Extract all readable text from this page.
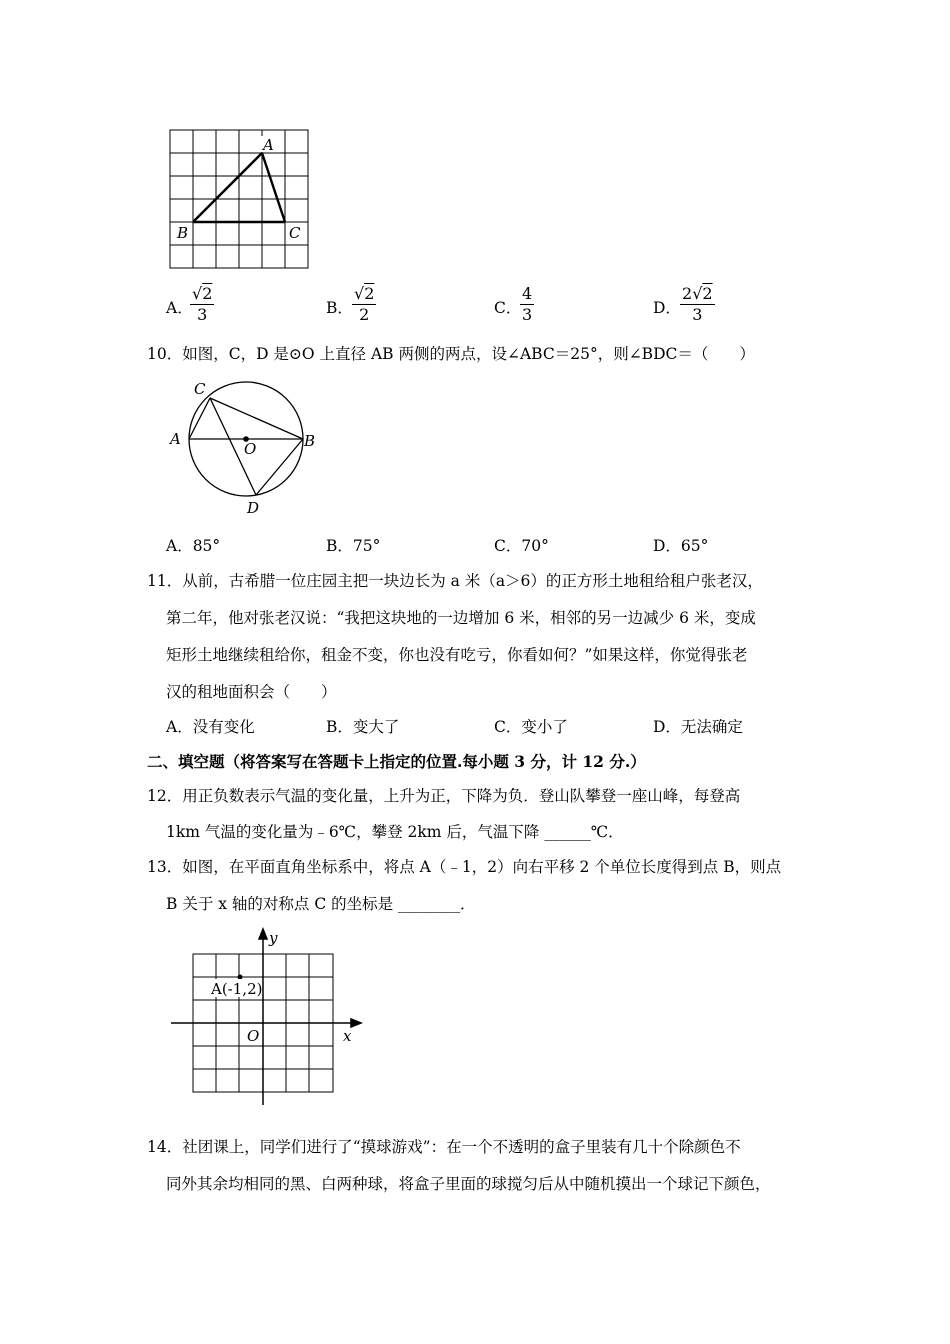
A
B	C
A．
$\frac{√2}{3}$	B． $\frac{√2}{2}$	C．
$\frac{4}{3}$	D． $\frac{2√2}{3}$
10．如图，C，D 是⊙O 上直径 AB 两侧的两点，设∠ABC＝25°，则∠BDC＝（　　）
A	B
C
D
O
A．85°	B．75°	C．70°	D．65°
11．从前，古希腊一位庄园主把一块边长为 a 米（a＞6）的正方形土地租给租户张老汉，
第二年，他对张老汉说：“我把这块地的一边增加 6 米，相邻的另一边减少 6 米，变成
矩形土地继续租给你，租金不变，你也没有吃亏，你看如何？”如果这样，你觉得张老
汉的租地面积会（　　）
A．没有变化	B．变大了	C．变小了	D．无法确定
二、填空题（将答案写在答题卡上指定的位置.每小题 3 分，计 12 分.）
12．用正负数表示气温的变化量，上升为正，下降为负．登山队攀登一座山峰，每登高
1km 气温的变化量为﹣6℃，攀登 2km 后，气温下降 ______℃．
13．如图，在平面直角坐标系中，将点 A（﹣1，2）向右平移 2 个单位长度得到点 B，则点
B 关于 x 轴的对称点 C 的坐标是 ________．
A(-1,2)
O	x
y
14．社团课上，同学们进行了“摸球游戏”：在一个不透明的盒子里装有几十个除颜色不
同外其余均相同的黑、白两种球，将盒子里面的球搅匀后从中随机摸出一个球记下颜色，
